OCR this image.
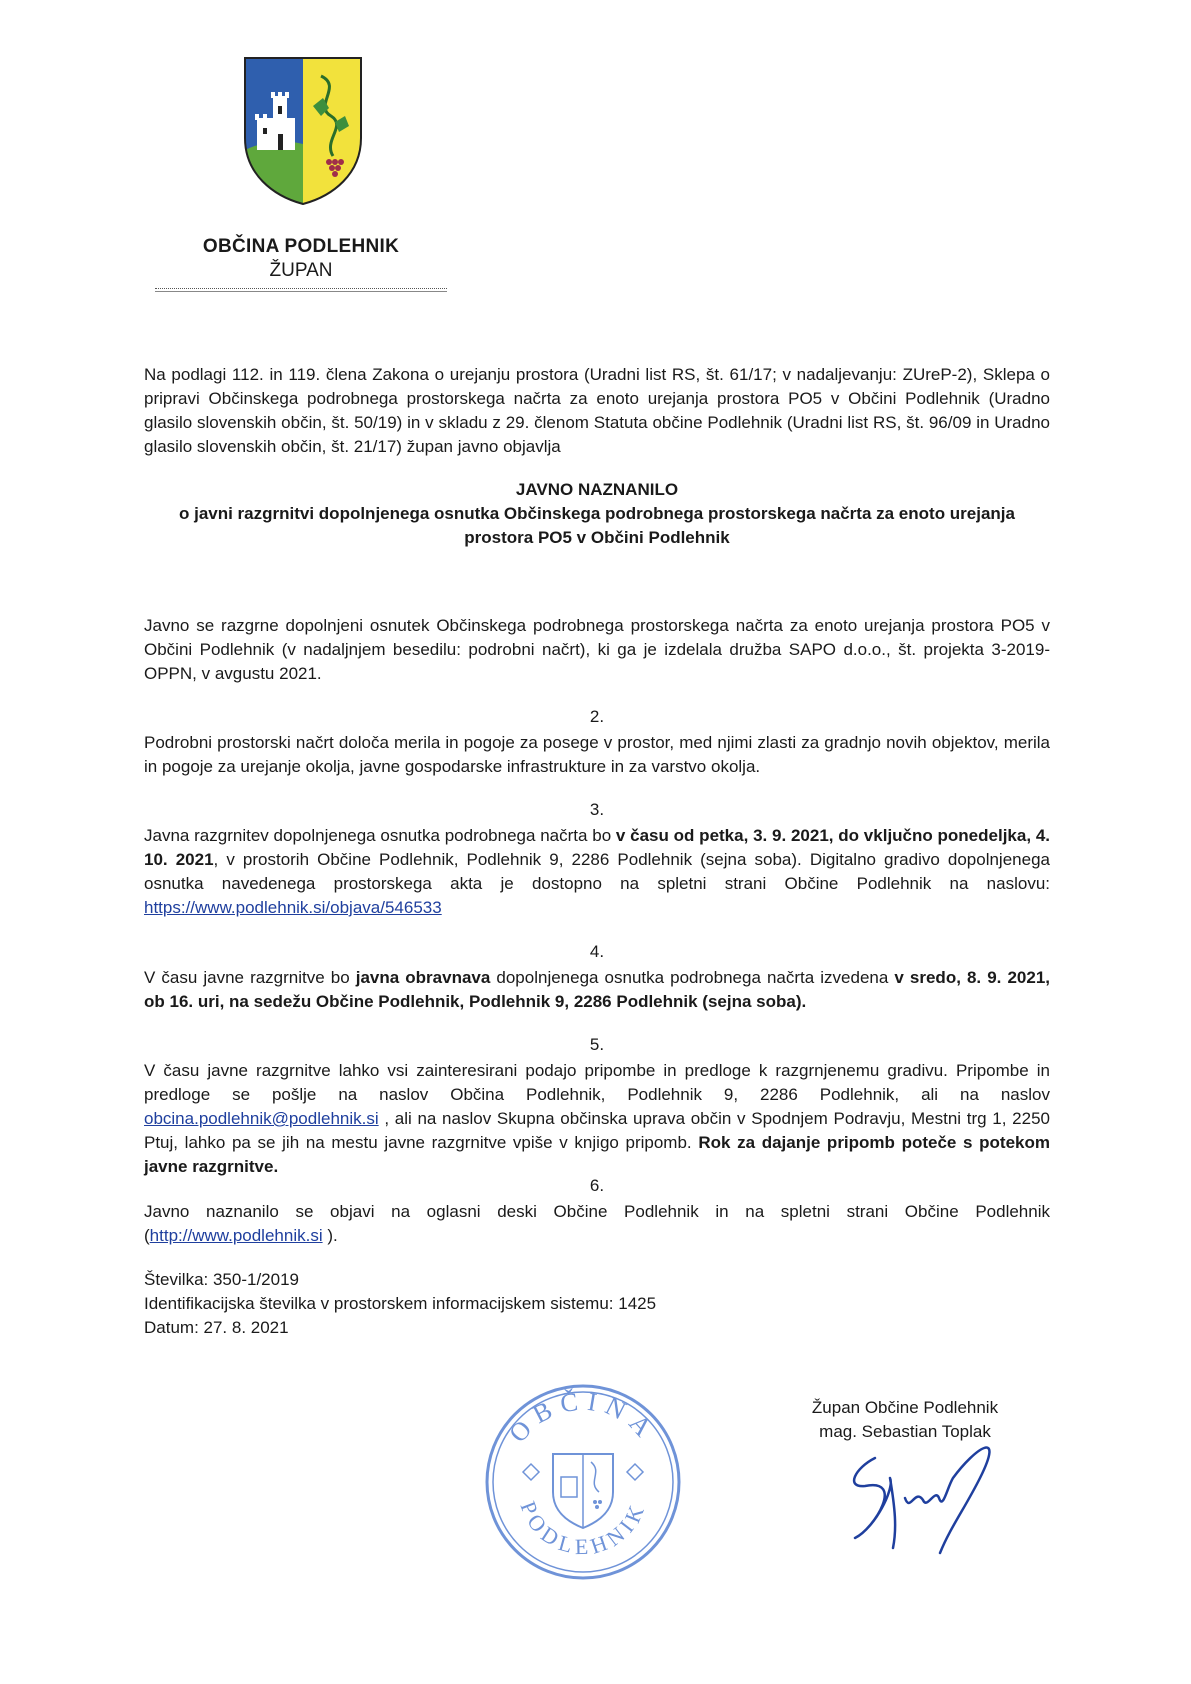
OBČINA PODLEHNIK
ŽUPAN

Na podlagi 112. in 119. člena Zakona o urejanju prostora (Uradni list RS, št. 61/17; v nadaljevanju: ZUreP-2), Sklepa o pripravi Občinskega podrobnega prostorskega načrta za enoto urejanja prostora PO5 v Občini Podlehnik (Uradno glasilo slovenskih občin, št. 50/19) in v skladu z 29. členom Statuta občine Podlehnik (Uradni list RS, št. 96/09 in Uradno glasilo slovenskih občin, št. 21/17) župan javno objavlja

JAVNO NAZNANILO
o javni razgrnitvi dopolnjenega osnutka Občinskega podrobnega prostorskega načrta za enoto urejanja prostora PO5 v Občini Podlehnik

Javno se razgrne dopolnjeni osnutek Občinskega podrobnega prostorskega načrta za enoto urejanja prostora PO5 v Občini Podlehnik (v nadaljnjem besedilu: podrobni načrt), ki ga je izdelala družba SAPO d.o.o., št. projekta 3-2019-OPPN, v avgustu 2021.

2.

Podrobni prostorski načrt določa merila in pogoje za posege v prostor, med njimi zlasti za gradnjo novih objektov, merila in pogoje za urejanje okolja, javne gospodarske infrastrukture in za varstvo okolja.

3.

Javna razgrnitev dopolnjenega osnutka podrobnega načrta bo v času od petka, 3. 9. 2021, do vključno ponedeljka, 4. 10. 2021, v prostorih Občine Podlehnik, Podlehnik 9, 2286 Podlehnik (sejna soba). Digitalno gradivo dopolnjenega osnutka navedenega prostorskega akta je dostopno na spletni strani Občine Podlehnik na naslovu: https://www.podlehnik.si/objava/546533

4.

V času javne razgrnitve bo javna obravnava dopolnjenega osnutka podrobnega načrta izvedena v sredo, 8. 9. 2021, ob 16. uri, na sedežu Občine Podlehnik, Podlehnik 9, 2286 Podlehnik (sejna soba).

5.

V času javne razgrnitve lahko vsi zainteresirani podajo pripombe in predloge k razgrnjenemu gradivu. Pripombe in predloge se pošlje na naslov Občina Podlehnik, Podlehnik 9, 2286 Podlehnik, ali na naslov obcina.podlehnik@podlehnik.si , ali na naslov Skupna občinska uprava občin v Spodnjem Podravju, Mestni trg 1, 2250 Ptuj, lahko pa se jih na mestu javne razgrnitve vpiše v knjigo pripomb. Rok za dajanje pripomb poteče s potekom javne razgrnitve.

6.

Javno naznanilo se objavi na oglasni deski Občine Podlehnik in na spletni strani Občine Podlehnik (http://www.podlehnik.si ).

Številka: 350-1/2019
Identifikacijska številka v prostorskem informacijskem sistemu: 1425
Datum: 27. 8. 2021
Župan Občine Podlehnik
mag. Sebastian Toplak
OBČINA
PODLEHNIK
